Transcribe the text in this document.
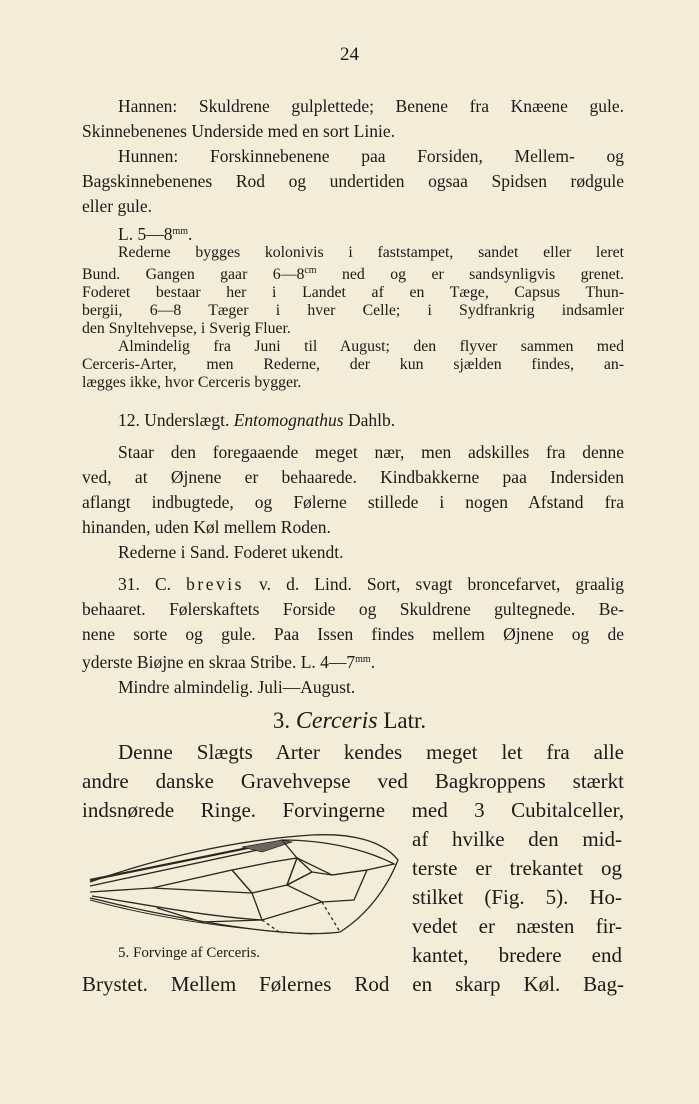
24
Hannen: Skuldrene gulplettede; Benene fra Knæene gule.
Skinnebenenes Underside med en sort Linie.
Hunnen: Forskinnebenene paa Forsiden, Mellem- og
Bagskinnebenenes Rod og undertiden ogsaa Spidsen rødgule
eller gule.
L. $5—8^{mm}$.
Rederne bygges kolonivis i faststampet, sandet eller leret
Bund. Gangen gaar $6—8^{cm}$ ned og er sandsynligvis grenet.
Foderet bestaar her i Landet af en Tæge, Capsus Thun-
bergii, 6—8 Tæger i hver Celle; i Sydfrankrig indsamler
den Snyltehvepse, i Sverig Fluer.
Almindelig fra Juni til August; den flyver sammen med
Cerceris-Arter, men Rederne, der kun sjælden findes, an-
lægges ikke, hvor Cerceris bygger.
12. Underslægt. Entomognathus Dahlb.
Staar den foregaaende meget nær, men adskilles fra denne
ved, at Øjnene er behaarede. Kindbakkerne paa Indersiden
aflangt indbugtede, og Følerne stillede i nogen Afstand fra
hinanden, uden Køl mellem Roden.
Rederne i Sand. Foderet ukendt.
31. C. brevis v. d. Lind. Sort, svagt broncefarvet, graalig
behaaret. Følerskaftets Forside og Skuldrene gultegnede. Be-
nene sorte og gule. Paa Issen findes mellem Øjnene og de
yderste Biøjne en skraa Stribe. L. $4—7^{mm}$.
Mindre almindelig. Juli—August.
3. Cerceris Latr.
Denne Slægts Arter kendes meget let fra alle
andre danske Gravehvepse ved Bagkroppens stærkt
indsnørede Ringe. Forvingerne med 3 Cubitalceller,
af hvilke den mid-
terste er trekantet og
stilket (Fig. 5). Ho-
vedet er næsten fir-
kantet, bredere end
Brystet. Mellem Følernes Rod en skarp Køl. Bag-
5. Forvinge af Cerceris.
